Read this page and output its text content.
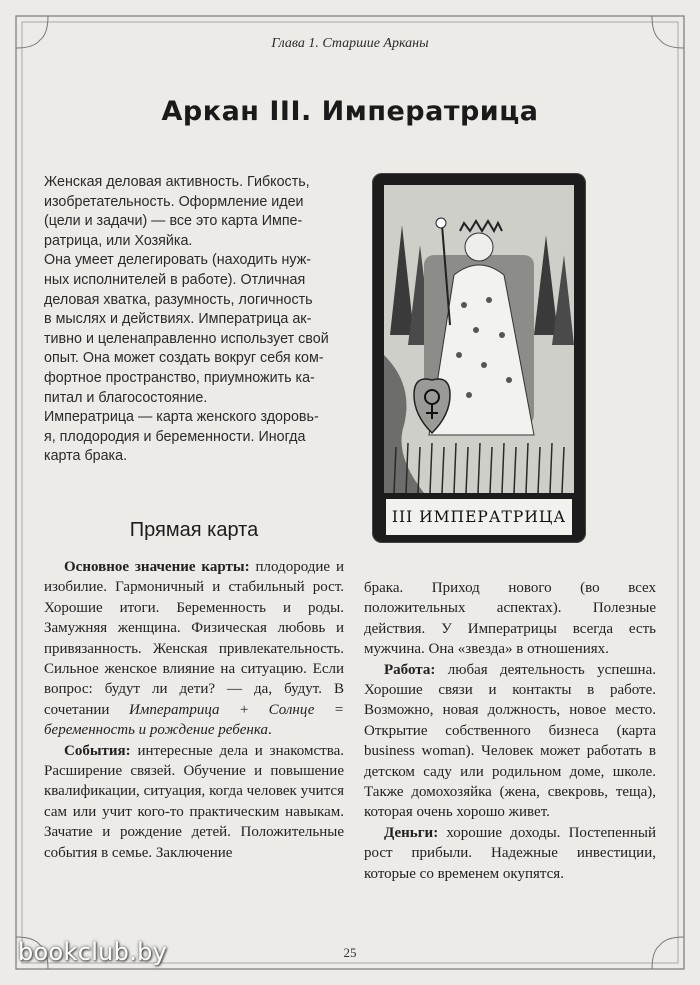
Глава 1. Старшие Арканы
Аркан III. Императрица

Женская деловая активность. Гибкость,

изобретательность. Оформление идеи

(цели и задачи) — все это карта Импе-

ратрица, или Хозяйка.

Она умеет делегировать (находить нуж-

ных исполнителей в работе). Отличная

деловая хватка, разумность, логичность

в мыслях и действиях. Императрица ак-

тивно и целенаправленно использует свой

опыт. Она может создать вокруг себя ком-

фортное пространство, приумножить ка-

питал и благосостояние.

Императрица — карта женского здоровь-

я, плодородия и беременности. Иногда

карта брака.

III ИМПЕРАТРИЦА
Прямая карта

Основное значение карты: плодородие и изобилие. Гармоничный и стабильный рост. Хорошие итоги. Беременность и роды. Замужняя женщина. Физическая любовь и привязанность. Женская привлекательность. Сильное женское влияние на ситуацию. Если вопрос: будут ли дети? — да, будут. В сочетании Императрица + Солнце = беременность и рождение ребенка.

События: интересные дела и знакомства. Расширение связей. Обучение и повышение квалификации, ситуация, когда человек учится сам или учит кого-то практическим навыкам. Зачатие и рождение детей. Положительные события в семье. Заключение

брака. Приход нового (во всех положительных аспектах). Полезные действия. У Императрицы всегда есть мужчина. Она «звезда» в отношениях.

Работа: любая деятельность успешна. Хорошие связи и контакты в работе. Возможно, новая должность, новое место. Открытие собственного бизнеса (карта business woman). Человек может работать в детском саду или родильном доме, школе. Также домохозяйка (жена, свекровь, теща), которая очень хорошо живет.

Деньги: хорошие доходы. Постепенный рост прибыли. Надежные инвестиции, которые со временем окупятся.

25
bookclub.by
